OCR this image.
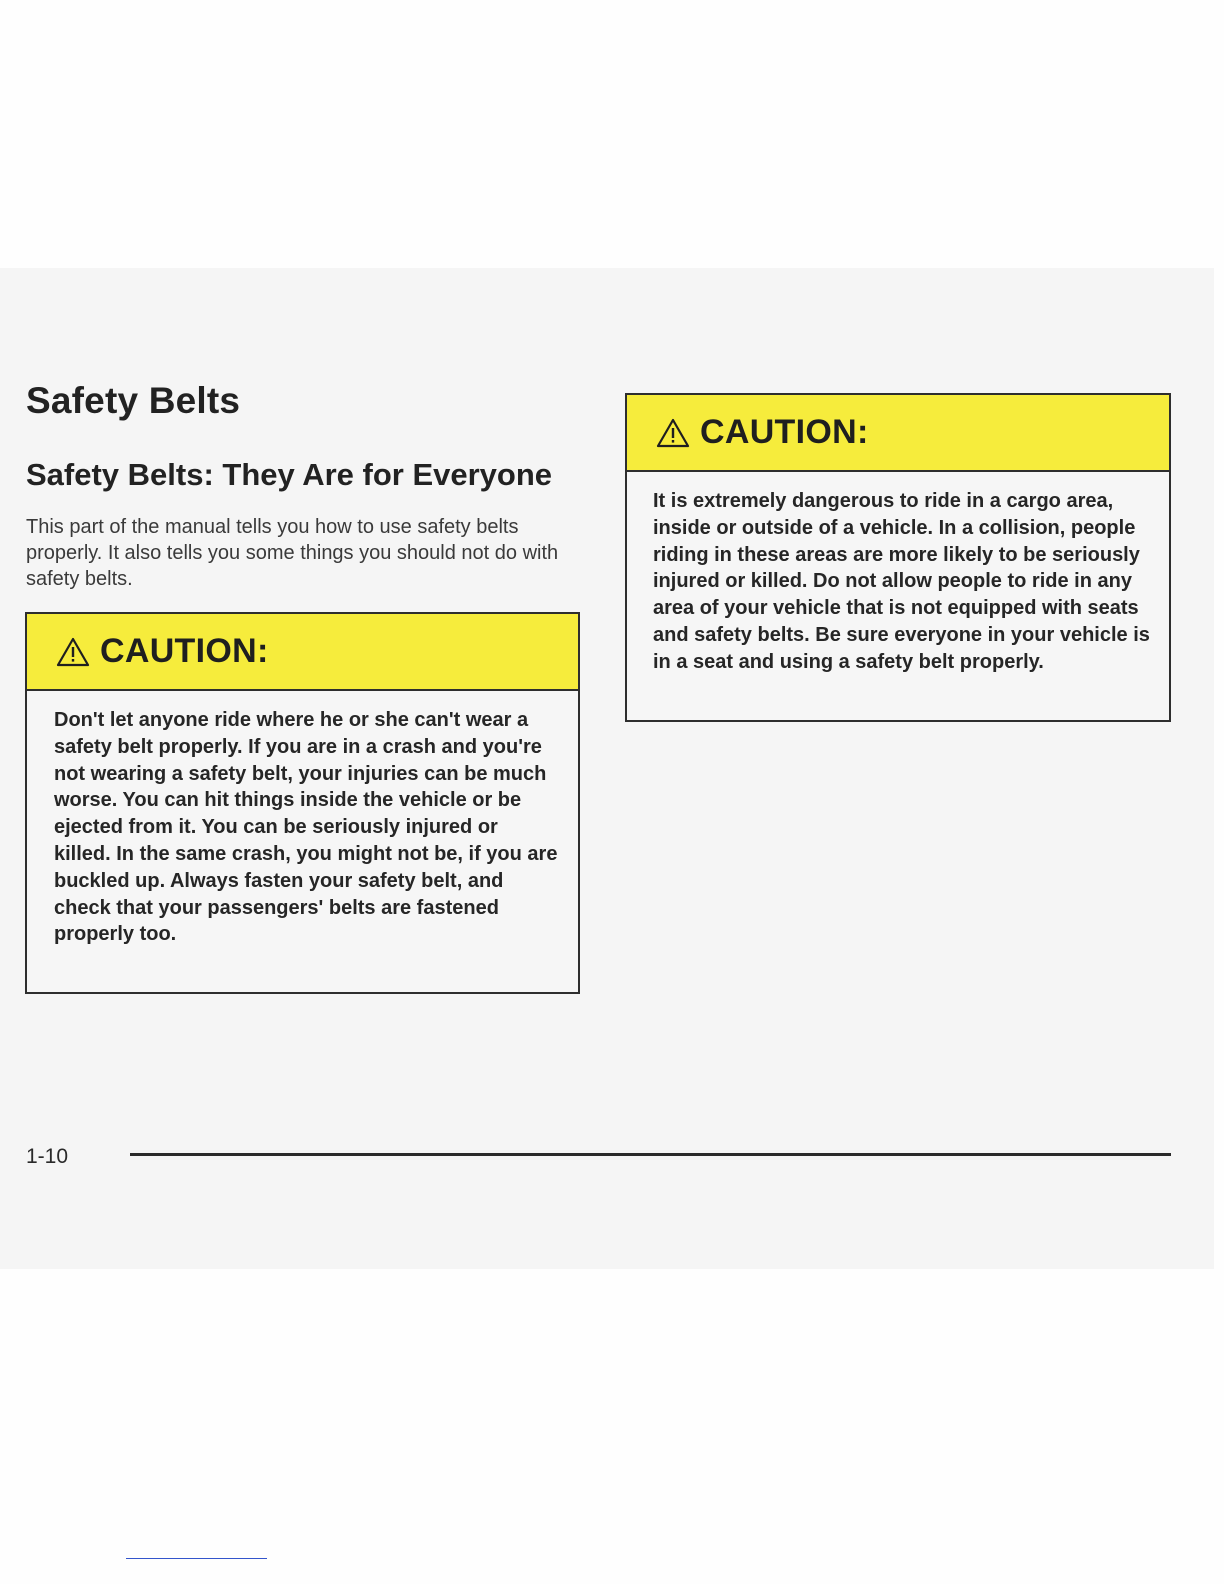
Safety Belts
Safety Belts: They Are for Everyone

This part of the manual tells you how to use safety belts properly. It also tells you some things you should not do with safety belts.

CAUTION:

Don't let anyone ride where he or she can't wear a safety belt properly. If you are in a crash and you're not wearing a safety belt, your injuries can be much worse. You can hit things inside the vehicle or be ejected from it. You can be seriously injured or killed. In the same crash, you might not be, if you are buckled up. Always fasten your safety belt, and check that your passengers' belts are fastened properly too.

CAUTION:

It is extremely dangerous to ride in a cargo area, inside or outside of a vehicle. In a collision, people riding in these areas are more likely to be seriously injured or killed. Do not allow people to ride in any area of your vehicle that is not equipped with seats and safety belts. Be sure everyone in your vehicle is in a seat and using a safety belt properly.

1-10
